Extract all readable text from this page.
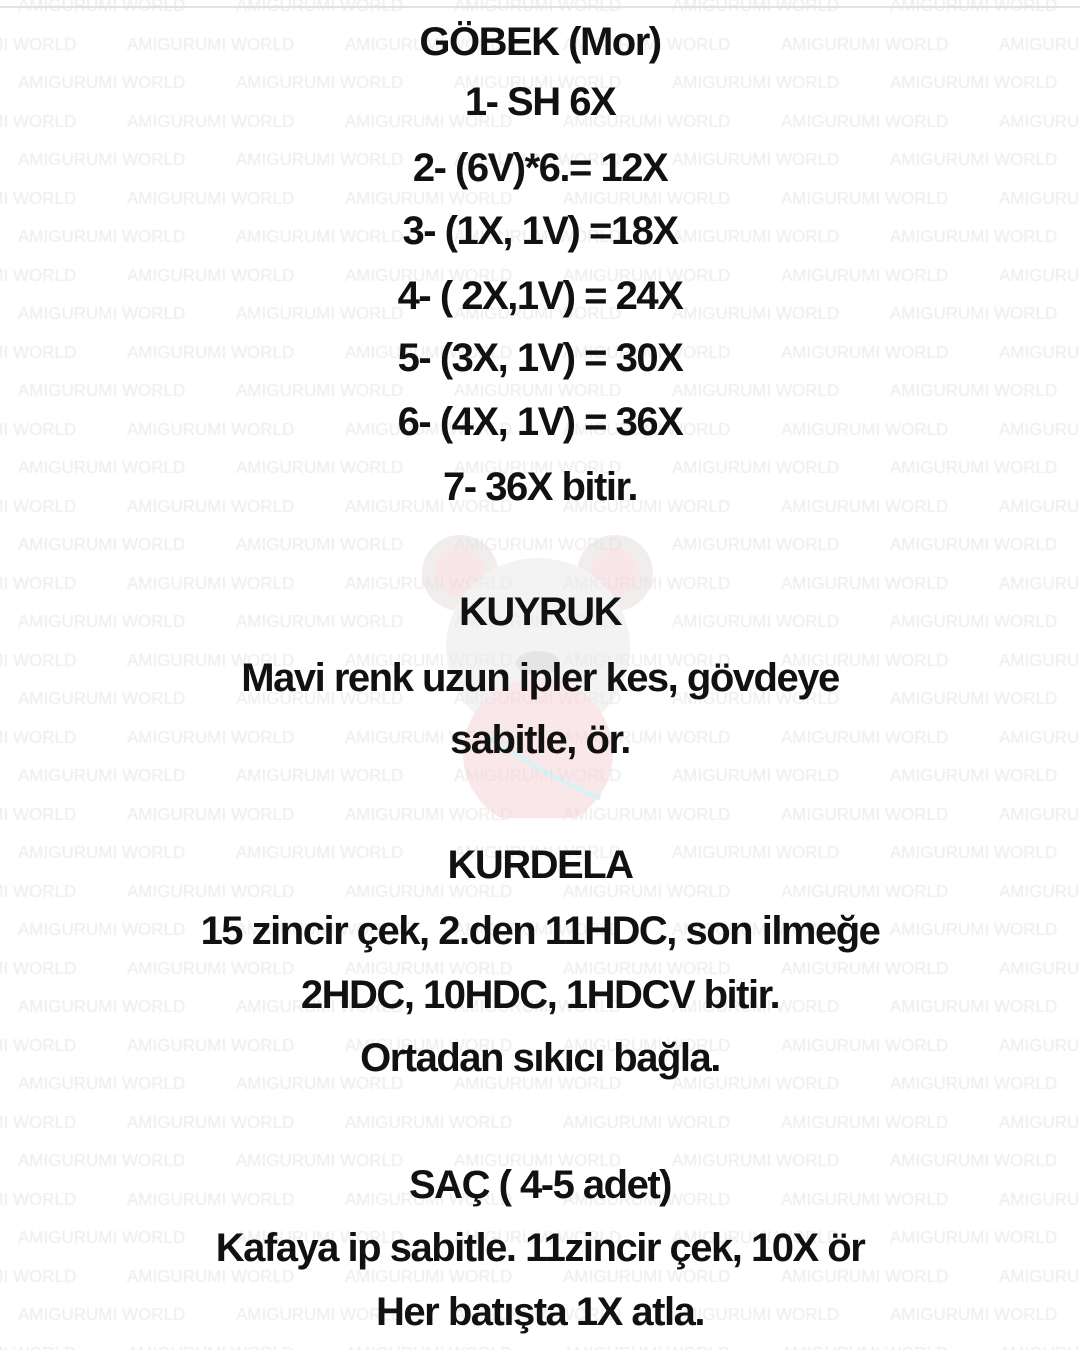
GÖBEK (Mor)
1- SH 6X
2- (6V)*6.= 12X
3- (1X, 1V) =18X
4- ( 2X,1V) = 24X
5- (3X, 1V) = 30X
6- (4X, 1V) = 36X
7- 36X bitir.
KUYRUK
Mavi renk uzun ipler kes, gövdeye
sabitle, ör.
KURDELA
15 zincir çek, 2.den 11HDC, son ilmeğe
2HDC, 10HDC, 1HDCV bitir.
Ortadan sıkıcı bağla.
SAÇ ( 4-5 adet)
Kafaya ip sabitle. 11zincir çek, 10X ör
Her batışta 1X atla.
